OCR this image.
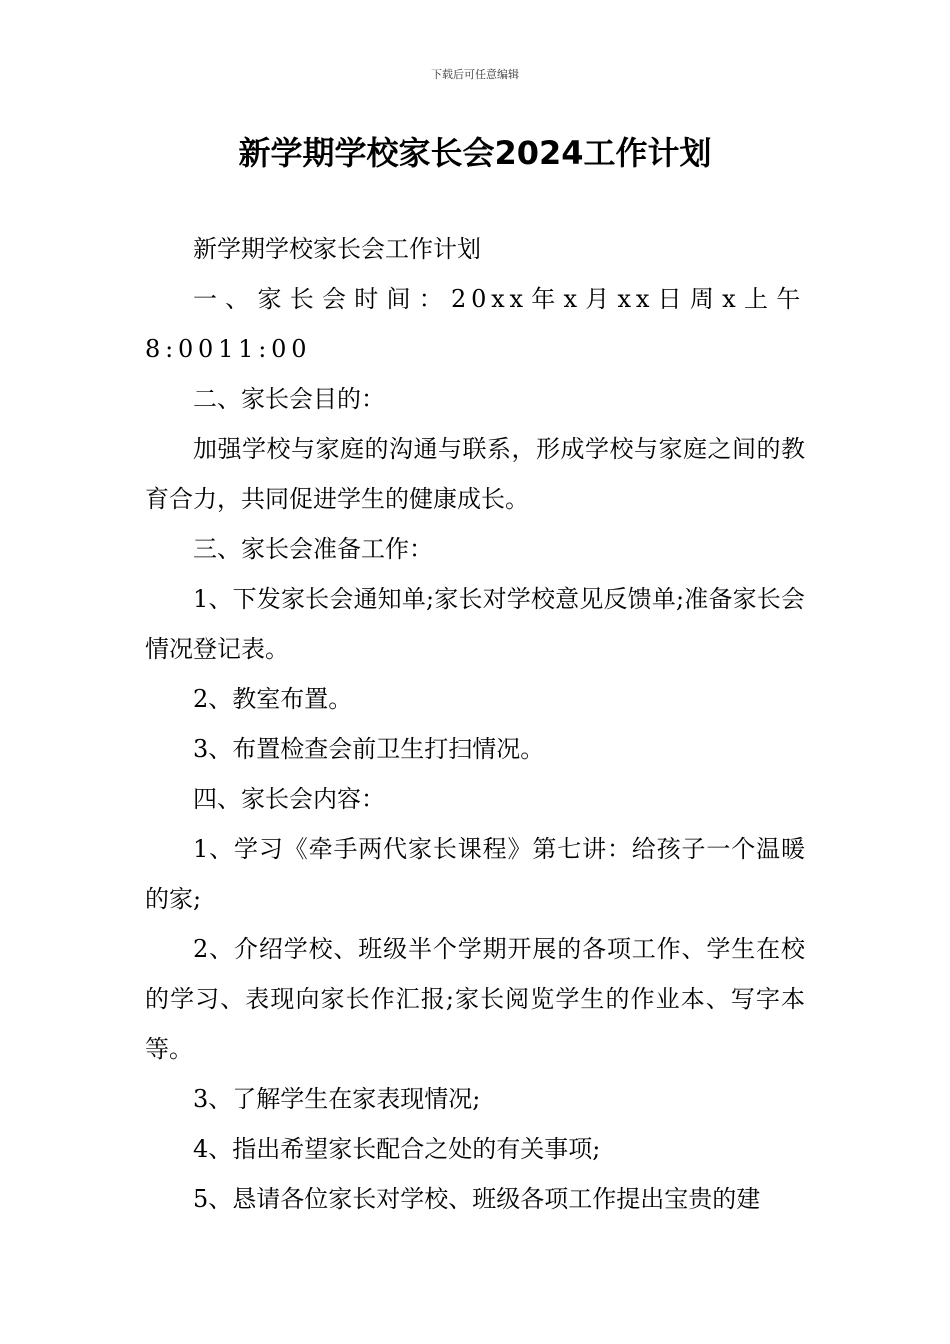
下载后可任意编辑
新学期学校家长会2024工作计划

新学期学校家长会工作计划

一、家长会时间：20xx年x月xx日周x上午8:0011:00

二、家长会目的：

加强学校与家庭的沟通与联系，形成学校与家庭之间的教育合力，共同促进学生的健康成长。

三、家长会准备工作：

1、下发家长会通知单;家长对学校意见反馈单;准备家长会情况登记表。

2、教室布置。

3、布置检查会前卫生打扫情况。

四、家长会内容：

1、学习《牵手两代家长课程》第七讲：给孩子一个温暖的家;

2、介绍学校、班级半个学期开展的各项工作、学生在校的学习、表现向家长作汇报;家长阅览学生的作业本、写字本等。

3、了解学生在家表现情况;

4、指出希望家长配合之处的有关事项;

5、恳请各位家长对学校、班级各项工作提出宝贵的建
